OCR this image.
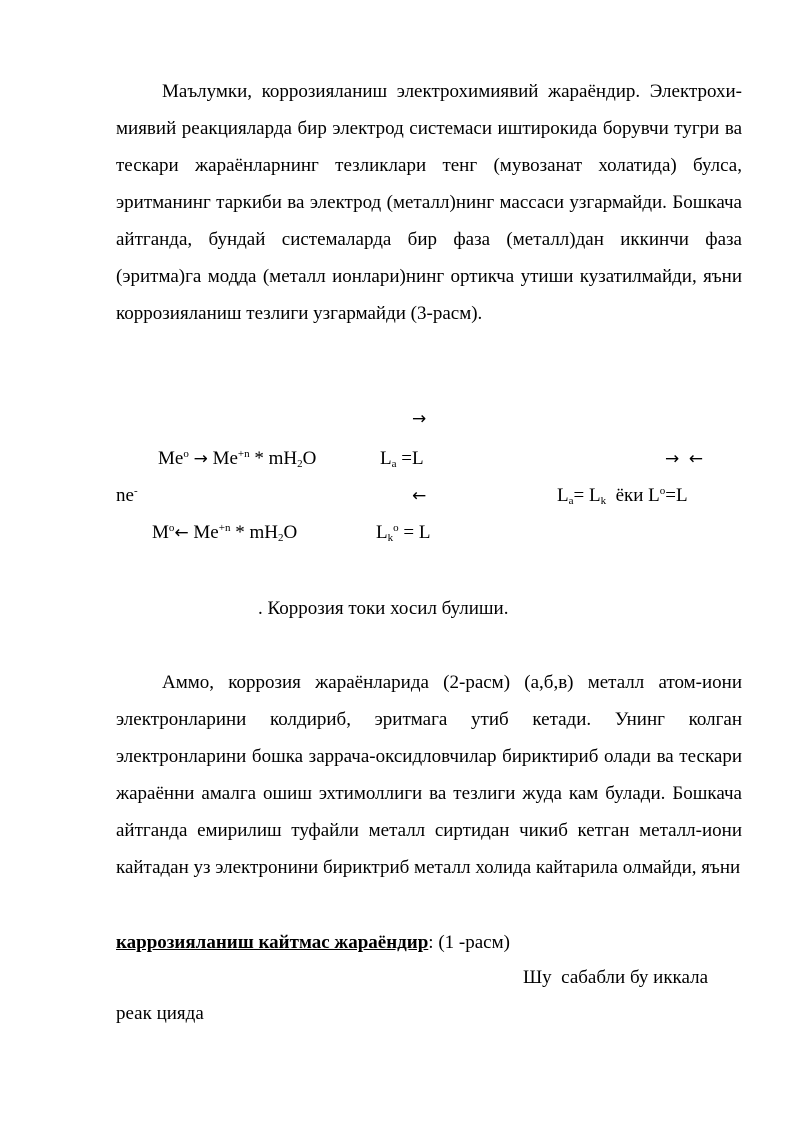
Маълумки, коррозияланиш электрохимиявий жараёндир. Электрохи-миявий реакцияларда бир электрод системаси иштирокида борувчи тугри ва тескари жараёнларнинг тезликлари тенг (мувозанат холатида) булса, эритманинг таркиби ва электрод (металл)нинг массаси узгармайди. Бошкача айтганда, бундай системаларда бир фаза (металл)дан иккинчи фаза (эритма)га модда (металл ионлари)нинг ортикча утиши кузатилмайди, яъни коррозияланиш тезлиги узгармайди (3-расм).

→
$Me^o \to Me^{+n} * mH_2O$	$L_a =L$	→ ←
ne-	←	$L_a= L_k$  ёки $L^o=L$
$M^o\leftarrow$ $Me^{+n} * mH_2O$	$L_k^o = L$
. Коррозия токи хосил булиши.

Аммо, коррозия жараёнларида (2-расм) (а,б,в) металл атом-иони электронларини колдириб, эритмага утиб кетади. Унинг колган электронларини бошка заррача-оксидловчилар бириктириб олади ва тескари жараённи амалга ошиш эхтимоллиги ва тезлиги жуда кам булади. Бошкача айтганда емирилиш туфайли металл сиртидан чикиб кетган металл-иони кайтадан уз электронини бириктриб металл холида кайтарила олмайди, яъни

каррозияланиш кайтмас жараёндир: (1 -расм)
Шу  сабабли бу иккала
реак цияда
